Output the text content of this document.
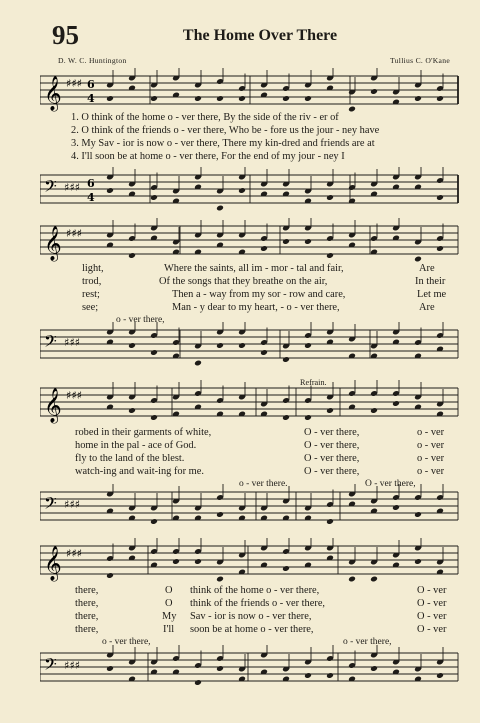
95	The Home Over There
D. W. C. Huntington	Tullius C. O'Kane
𝄞 ♯♯♯ 6
4
1. O think of the home o - ver there, By the side of the riv - er of
2. O think of the friends o - ver there, Who be - fore us the jour - ney have
3. My Sav - ior is now o - ver there, There my kin-dred and friends are at
4. I'll soon be at home o - ver there, For the end of my jour - ney I
𝄢 ♯♯♯ 6
4
𝄞 ♯♯♯
light,	Where the saints, all im - mor - tal and fair,	Are
trod,	Of the songs that they breathe on the air,	In their
rest;	Then a - way from my sor - row and care,	Let me
see;	Man - y dear to my heart, - o - ver there,	Are
o - ver there,
𝄢 ♯♯♯
Refrain.
𝄞 ♯♯♯
robed in their garments of white,	O - ver there,	o - ver
home in the pal - ace of God.	O - ver there,	o - ver
fly to the land of the blest.	O - ver there,	o - ver
watch-ing and wait-ing for me.	O - ver there,	o - ver
o - ver there.	O - ver there,
𝄢 ♯♯♯
𝄞 ♯♯♯
there,	O think of the home o - ver there,	O - ver
there,	O think of the friends o - ver there,	O - ver
there,	My Sav - ior is now o - ver there,	O - ver
there,	I'll soon be at home o - ver there,	O - ver
o - ver there,	o - ver there,
𝄢 ♯♯♯
